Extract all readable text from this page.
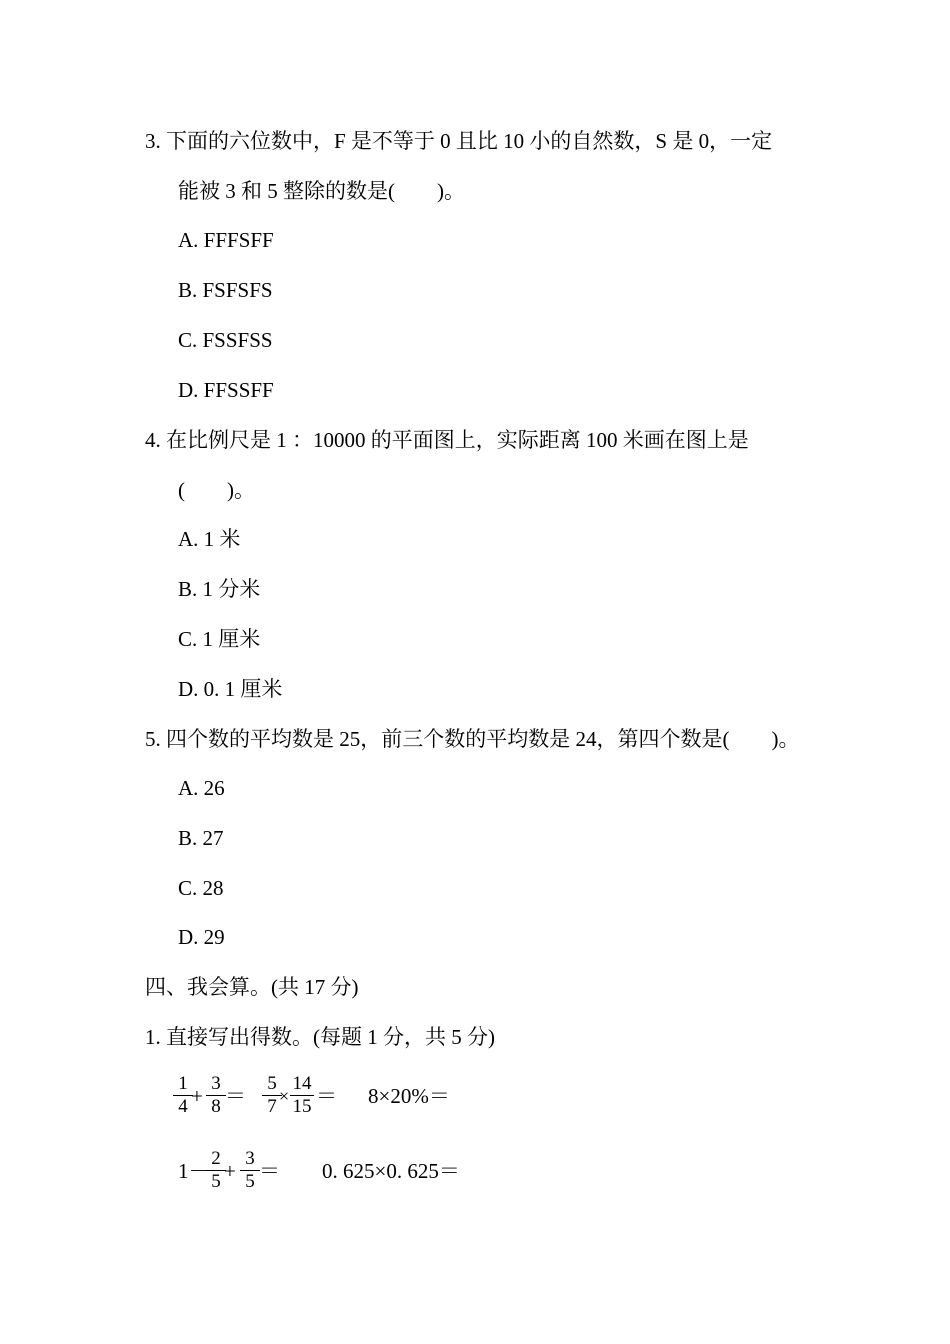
3. 下面的六位数中，F 是不等于 0 且比 10 小的自然数，S 是 0，一定
能被 3 和 5 整除的数是(　　)。
A. FFFSFF
B. FSFSFS
C. FSSFSS
D. FFSSFF
4. 在比例尺是 1 ：10000 的平面图上，实际距离 100 米画在图上是
(　　)。
A. 1 米
B. 1 分米
C. 1 厘米
D. 0. 1 厘米
5. 四个数的平均数是 25，前三个数的平均数是 24，第四个数是(　　)。
A. 26
B. 27
C. 28
D. 29
四、我会算。(共 17 分)
1. 直接写出得数。(每题 1 分，共 5 分)
1
4 +
3
8 ＝
5
7 ×
14
15 ＝ 8×20%＝
1－
2
5 +
3
5 ＝ 0. 625×0. 625＝
